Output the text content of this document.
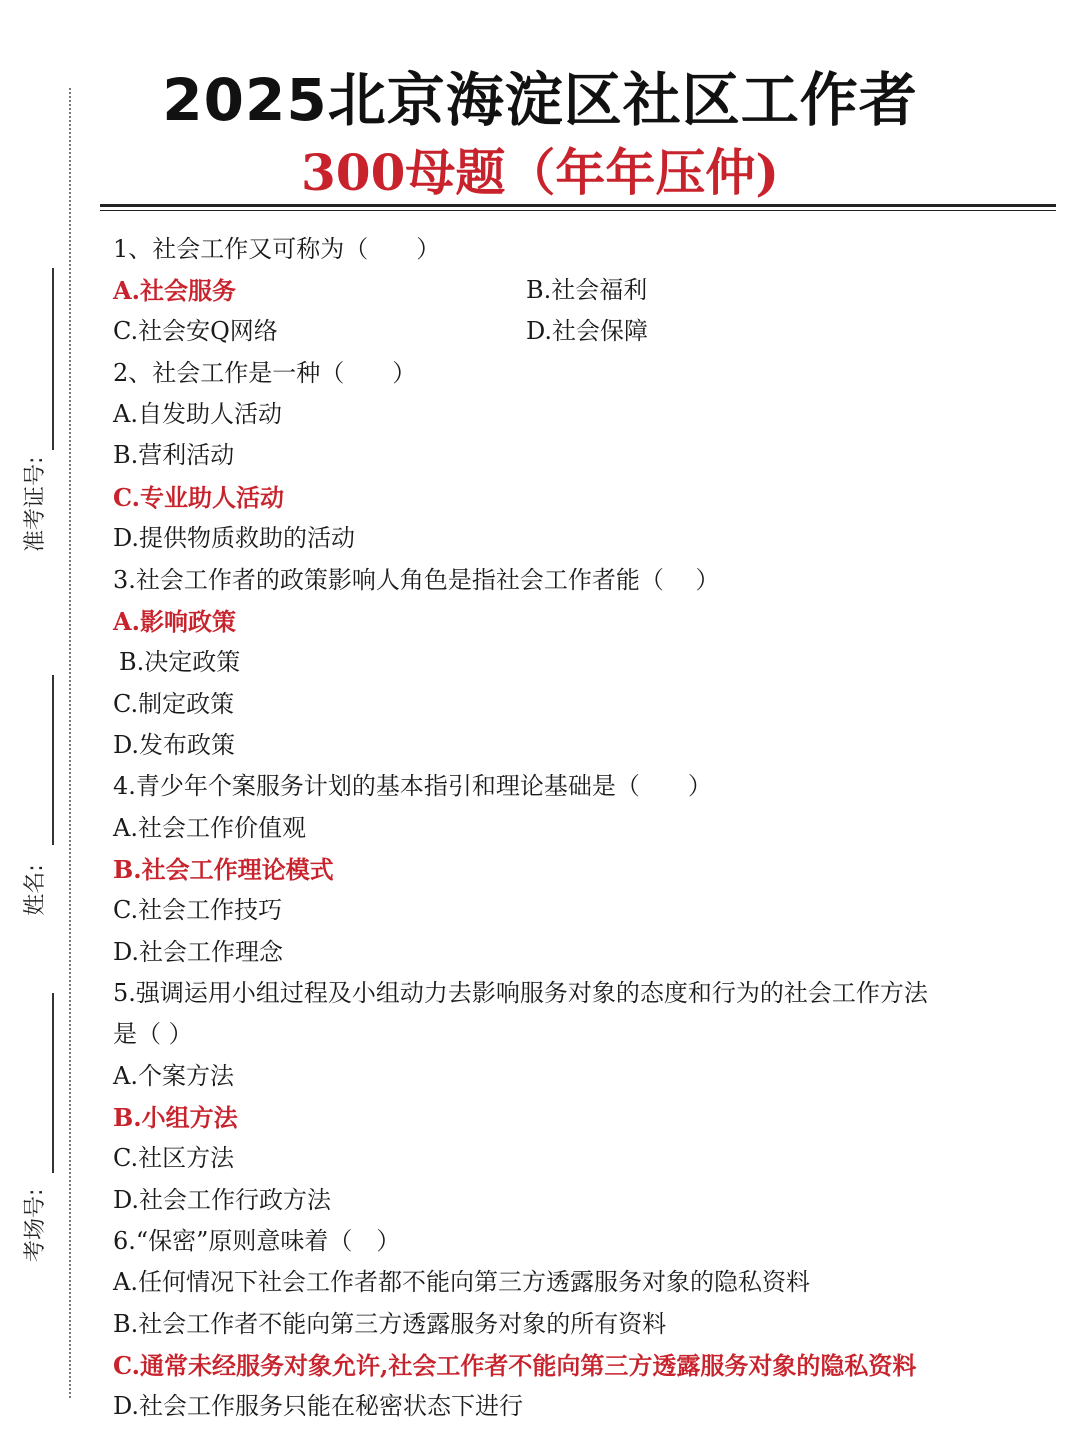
2025北京海淀区社区工作者
300母题（年年压仲)
准考证号:
姓名:
考场号:
1、社会工作又可称为（　　）
A.社会服务	B.社会福利
C.社会安Q网络	D.社会保障
2、社会工作是一种（　　）
A.自发助人活动
B.营利活动
C.专业助人活动
D.提供物质救助的活动
3.社会工作者的政策影响人角色是指社会工作者能（　 ）
A.影响政策
B.决定政策
C.制定政策
D.发布政策
4.青少年个案服务计划的基本指引和理论基础是（　　）
A.社会工作价值观
B.社会工作理论模式
C.社会工作技巧
D.社会工作理念
5.强调运用小组过程及小组动力去影响服务对象的态度和行为的社会工作方法
是（ ）
A.个案方法
B.小组方法
C.社区方法
D.社会工作行政方法
6.“保密”原则意味着（　）
A.任何情况下社会工作者都不能向第三方透露服务对象的隐私资料
B.社会工作者不能向第三方透露服务对象的所有资料
C.通常未经服务对象允许,社会工作者不能向第三方透露服务对象的隐私资料
D.社会工作服务只能在秘密状态下进行
